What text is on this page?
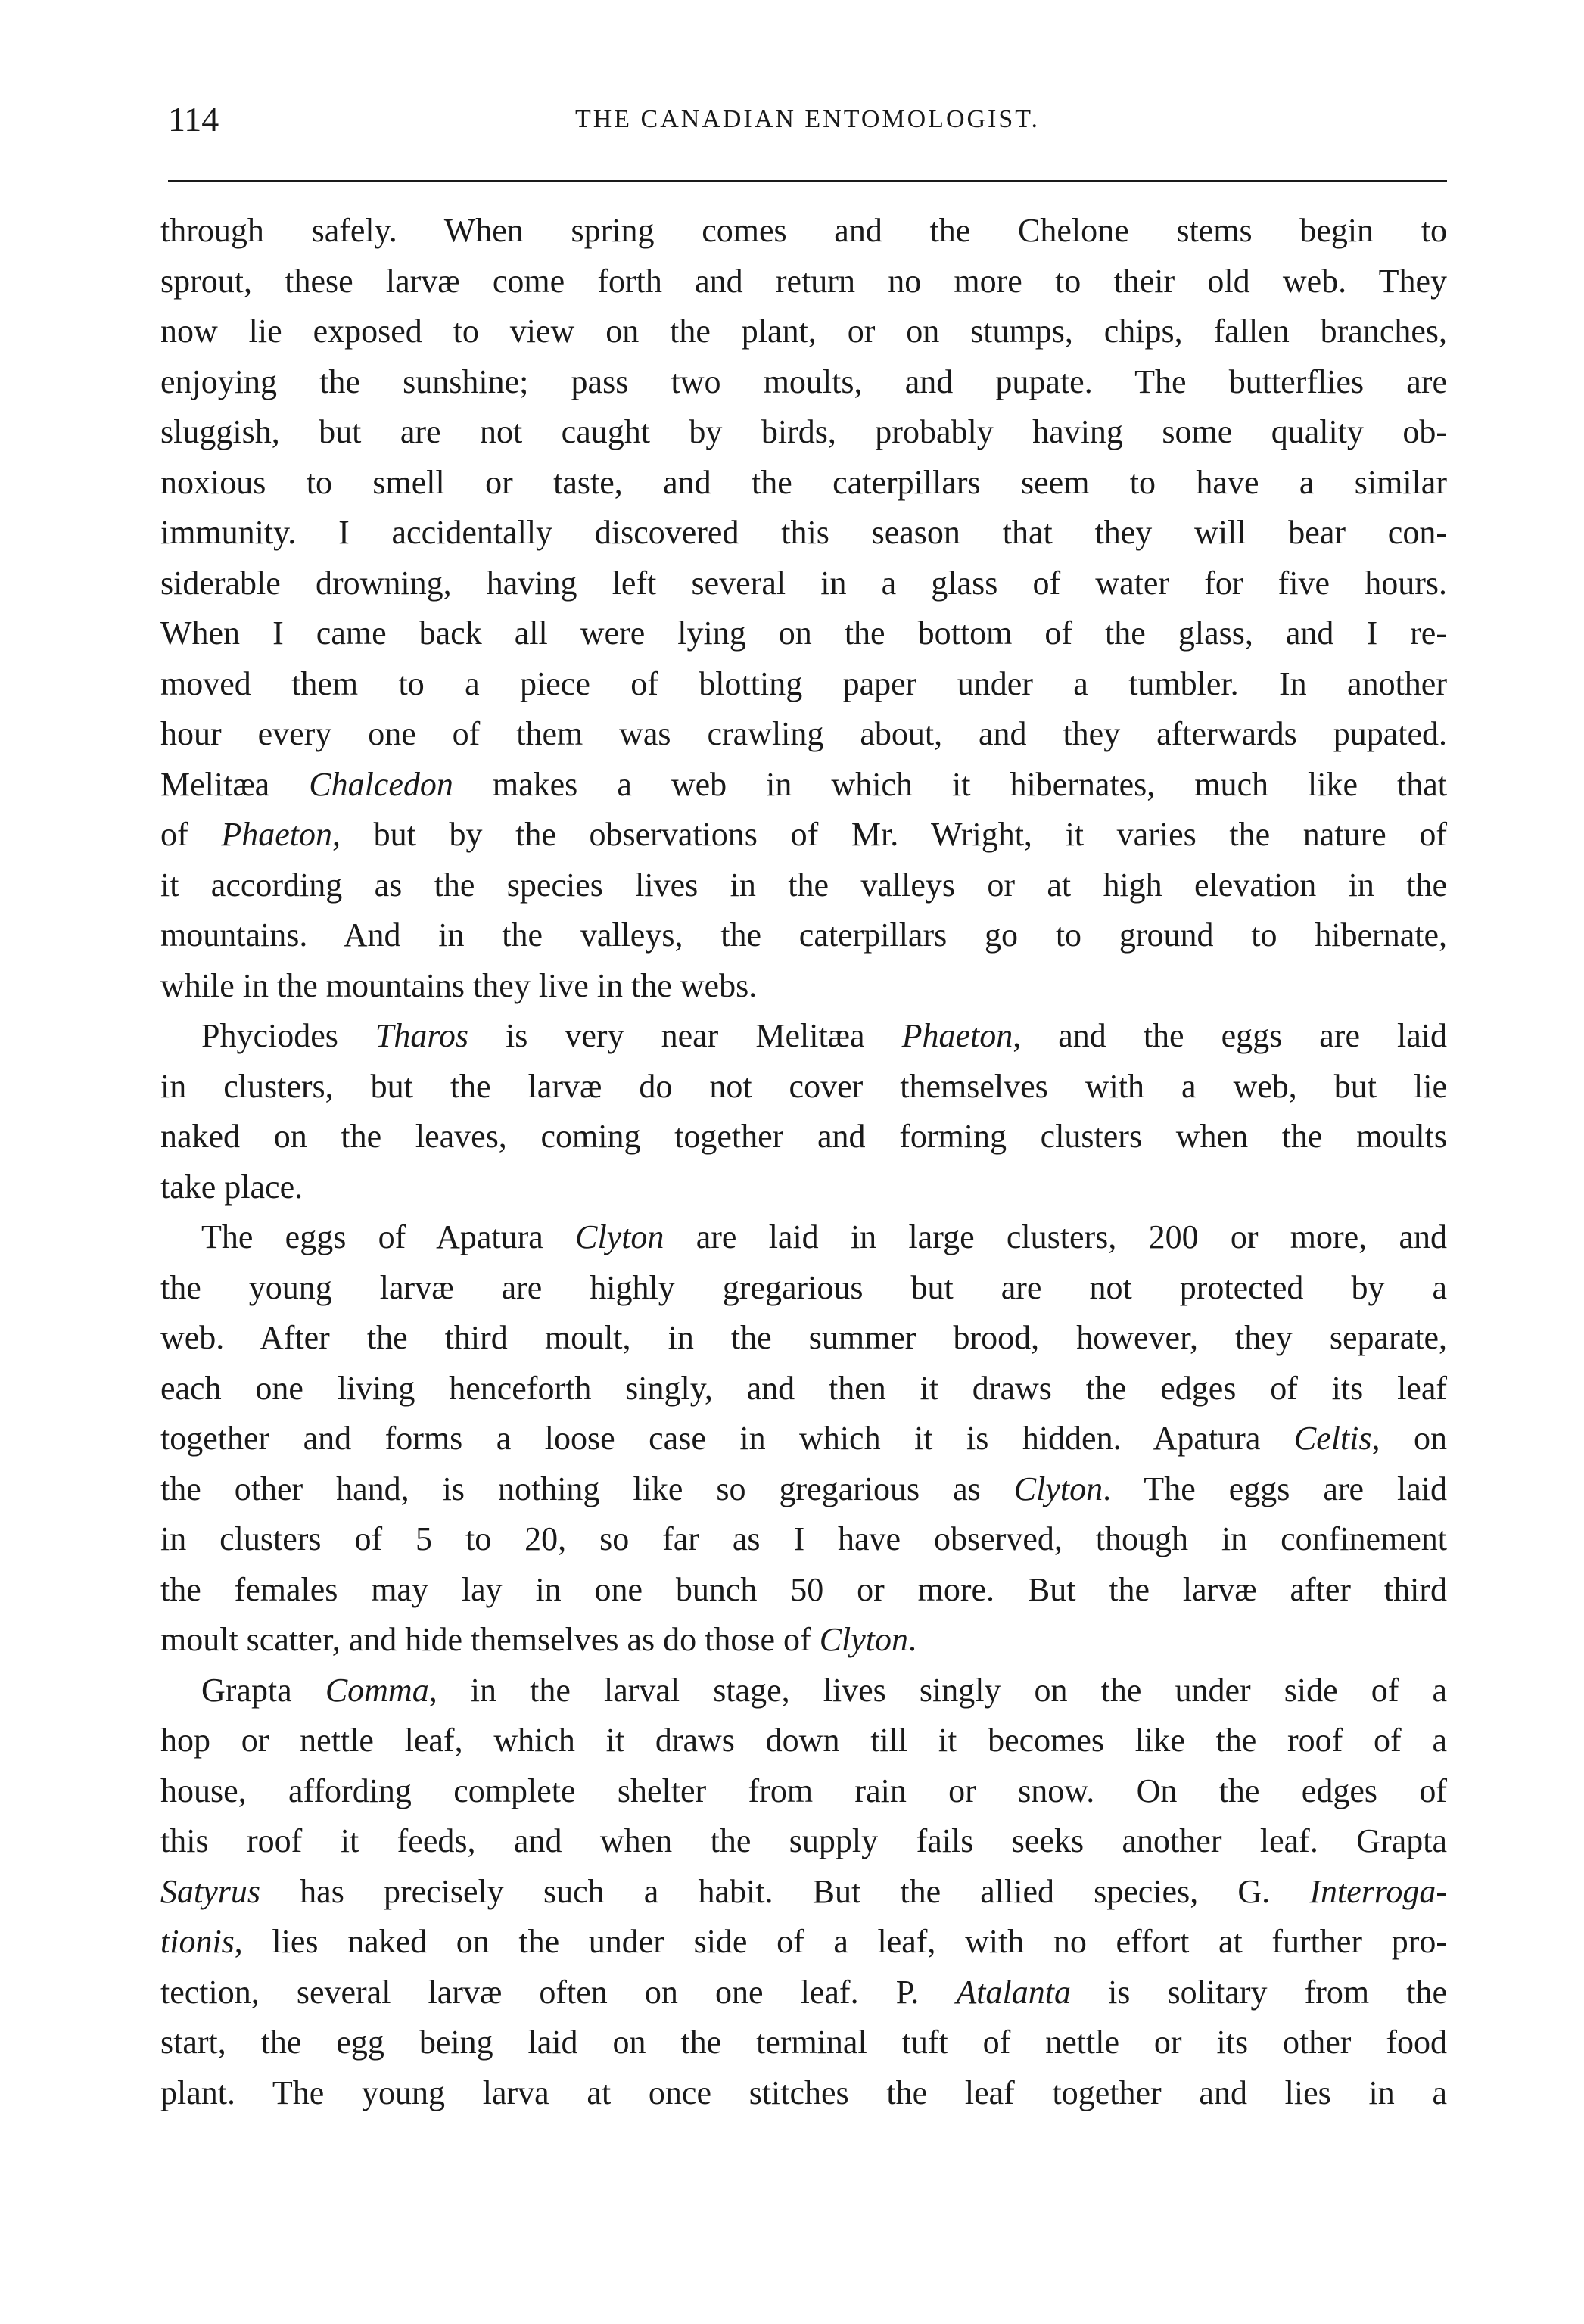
114	THE CANADIAN ENTOMOLOGIST.
through safely. When spring comes and the Chelone stems begin to
sprout, these larvæ come forth and return no more to their old web. They
now lie exposed to view on the plant, or on stumps, chips, fallen branches,
enjoying the sunshine; pass two moults, and pupate. The butterflies are
sluggish, but are not caught by birds, probably having some quality ob-
noxious to smell or taste, and the caterpillars seem to have a similar
immunity. I accidentally discovered this season that they will bear con-
siderable drowning, having left several in a glass of water for five hours.
When I came back all were lying on the bottom of the glass, and I re-
moved them to a piece of blotting paper under a tumbler. In another
hour every one of them was crawling about, and they afterwards pupated.
Melitæa Chalcedon makes a web in which it hibernates, much like that
of Phaeton, but by the observations of Mr. Wright, it varies the nature of
it according as the species lives in the valleys or at high elevation in the
mountains. And in the valleys, the caterpillars go to ground to hibernate,
while in the mountains they live in the webs.
Phyciodes Tharos is very near Melitæa Phaeton, and the eggs are laid
in clusters, but the larvæ do not cover themselves with a web, but lie
naked on the leaves, coming together and forming clusters when the moults
take place.
The eggs of Apatura Clyton are laid in large clusters, 200 or more, and
the young larvæ are highly gregarious but are not protected by a
web. After the third moult, in the summer brood, however, they separate,
each one living henceforth singly, and then it draws the edges of its leaf
together and forms a loose case in which it is hidden. Apatura Celtis, on
the other hand, is nothing like so gregarious as Clyton. The eggs are laid
in clusters of 5 to 20, so far as I have observed, though in confinement
the females may lay in one bunch 50 or more. But the larvæ after third
moult scatter, and hide themselves as do those of Clyton.
Grapta Comma, in the larval stage, lives singly on the under side of a
hop or nettle leaf, which it draws down till it becomes like the roof of a
house, affording complete shelter from rain or snow. On the edges of
this roof it feeds, and when the supply fails seeks another leaf. Grapta
Satyrus has precisely such a habit. But the allied species, G. Interroga-
tionis, lies naked on the under side of a leaf, with no effort at further pro-
tection, several larvæ often on one leaf. P. Atalanta is solitary from the
start, the egg being laid on the terminal tuft of nettle or its other food
plant. The young larva at once stitches the leaf together and lies in a
